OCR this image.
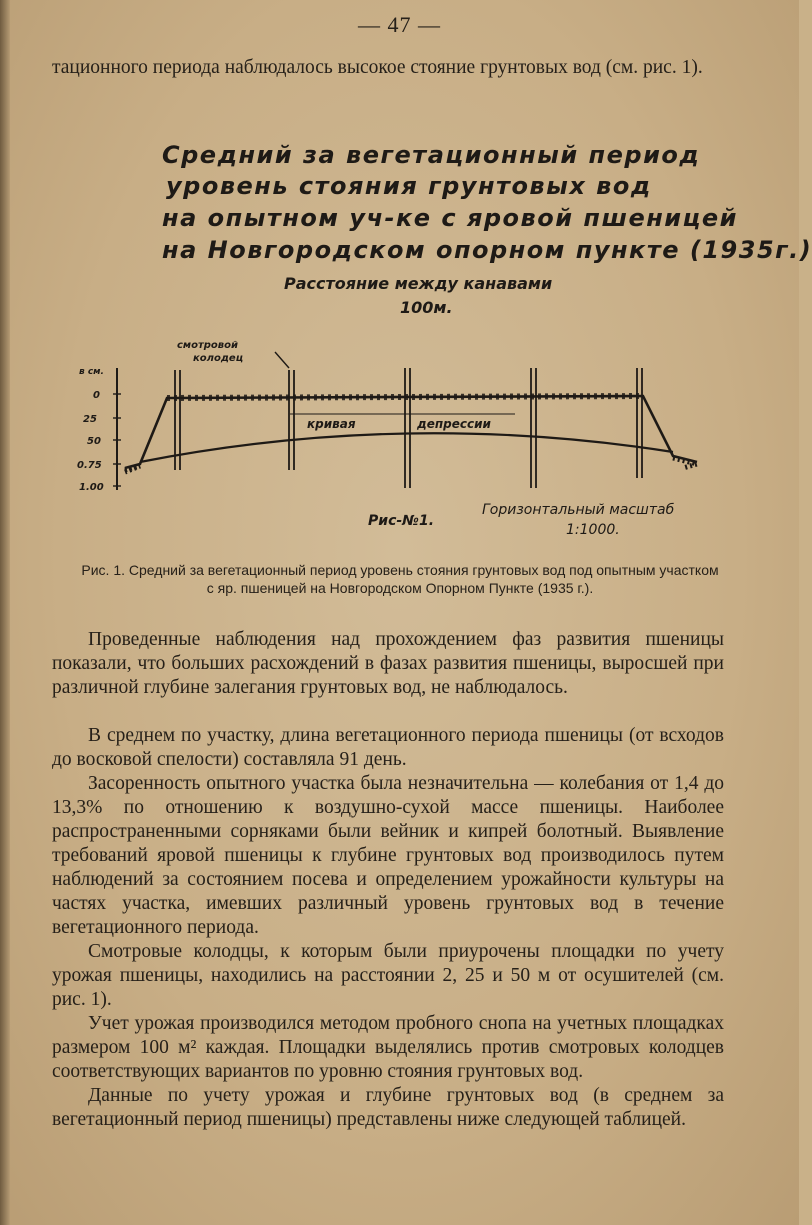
— 47 —

тационного периода наблюдалось высокое стояние грунтовых вод (см. рис. 1).

Средний за вегетационный период

уровень стояния грунтовых вод

на опытном уч-ке с яровой пшеницей

на Новгородском опорном пункте (1935г.)

Расстояние между канавами

100м.

смотровой
колодец
в см.
0
25
50
0.75
1.00
кривая	депрессии

Рис-№1.

Горизонтальный масштаб

1:1000.

Рис. 1. Средний за вегетационный период уровень стояния грунтовых вод под опытным участком с яр. пшеницей на Новгородском Опорном Пункте (1935 г.).

Проведенные наблюдения над прохождением фаз развития пшеницы показали, что больших расхождений в фазах развития пшеницы, выросшей при различной глубине залегания грунтовых вод, не наблюдалось.

В среднем по участку, длина вегетационного периода пшеницы (от всходов до восковой спелости) составляла 91 день.

Засоренность опытного участка была незначительна — колебания от 1,4 до 13,3% по отношению к воздушно-сухой массе пшеницы. Наиболее распространенными сорняками были вейник и кипрей болотный. Выявление требований яровой пшеницы к глубине грунтовых вод производилось путем наблюдений за состоянием посева и определением урожайности культуры на частях участка, имевших различный уровень грунтовых вод в течение вегетационного периода.

Смотровые колодцы, к которым были приурочены площадки по учету урожая пшеницы, находились на расстоянии 2, 25 и 50 м от осушителей (см. рис. 1).

Учет урожая производился методом пробного снопа на учетных площадках размером 100 м² каждая. Площадки выделялись против смотровых колодцев соответствующих вариантов по уровню стояния грунтовых вод.

Данные по учету урожая и глубине грунтовых вод (в среднем за вегетационный период пшеницы) представлены ниже следующей таблицей.
